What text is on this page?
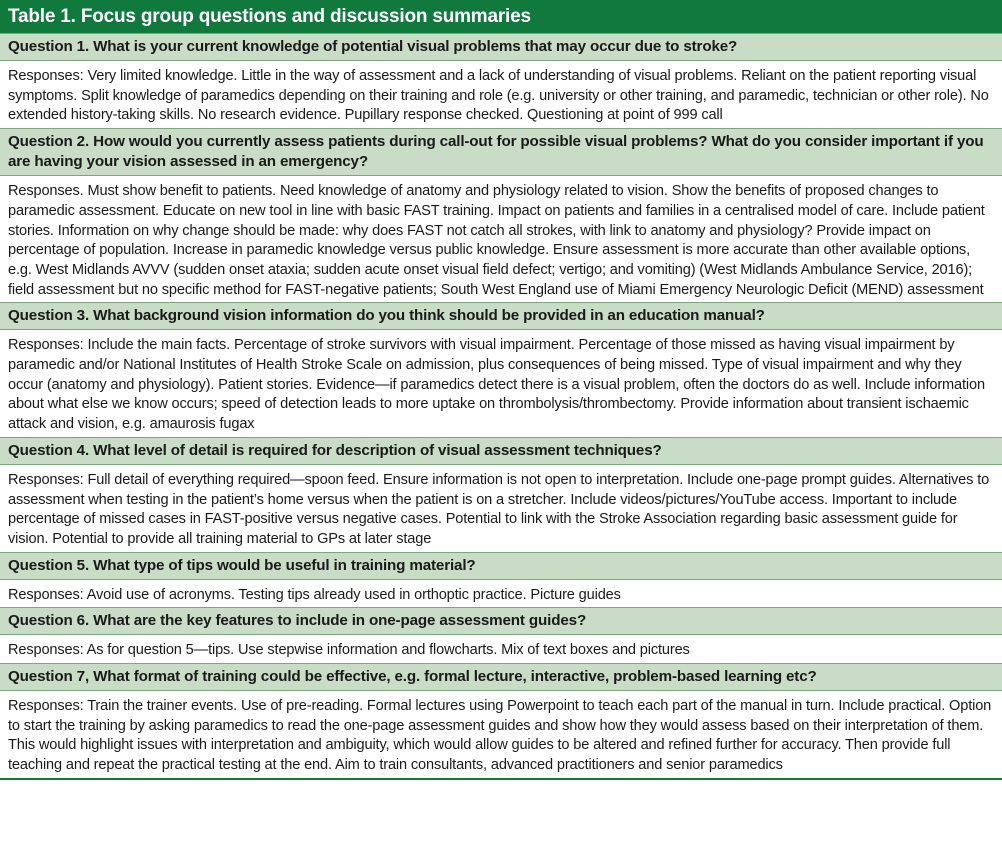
Table 1. Focus group questions and discussion summaries
Question 1. What is your current knowledge of potential visual problems that may occur due to stroke?
Responses: Very limited knowledge. Little in the way of assessment and a lack of understanding of visual problems. Reliant on the patient reporting visual symptoms. Split knowledge of paramedics depending on their training and role (e.g. university or other training, and paramedic, technician or other role). No extended history-taking skills. No research evidence. Pupillary response checked. Questioning at point of 999 call
Question 2. How would you currently assess patients during call-out for possible visual problems? What do you consider important if you are having your vision assessed in an emergency?
Responses. Must show benefit to patients. Need knowledge of anatomy and physiology related to vision. Show the benefits of proposed changes to paramedic assessment. Educate on new tool in line with basic FAST training. Impact on patients and families in a centralised model of care. Include patient stories. Information on why change should be made: why does FAST not catch all strokes, with link to anatomy and physiology? Provide impact on percentage of population. Increase in paramedic knowledge versus public knowledge. Ensure assessment is more accurate than other available options, e.g. West Midlands AVVV (sudden onset ataxia; sudden acute onset visual field defect; vertigo; and vomiting) (West Midlands Ambulance Service, 2016); field assessment but no specific method for FAST-negative patients; South West England use of Miami Emergency Neurologic Deficit (MEND) assessment
Question 3. What background vision information do you think should be provided in an education manual?
Responses: Include the main facts. Percentage of stroke survivors with visual impairment. Percentage of those missed as having visual impairment by paramedic and/or National Institutes of Health Stroke Scale on admission, plus consequences of being missed. Type of visual impairment and why they occur (anatomy and physiology). Patient stories. Evidence—if paramedics detect there is a visual problem, often the doctors do as well. Include information about what else we know occurs; speed of detection leads to more uptake on thrombolysis/thrombectomy. Provide information about transient ischaemic attack and vision, e.g. amaurosis fugax
Question 4. What level of detail is required for description of visual assessment techniques?
Responses: Full detail of everything required—spoon feed. Ensure information is not open to interpretation. Include one-page prompt guides. Alternatives to assessment when testing in the patient’s home versus when the patient is on a stretcher. Include videos/pictures/YouTube access. Important to include percentage of missed cases in FAST-positive versus negative cases. Potential to link with the Stroke Association regarding basic assessment guide for vision. Potential to provide all training material to GPs at later stage
Question 5. What type of tips would be useful in training material?
Responses: Avoid use of acronyms. Testing tips already used in orthoptic practice. Picture guides
Question 6. What are the key features to include in one-page assessment guides?
Responses: As for question 5—tips. Use stepwise information and flowcharts. Mix of text boxes and pictures
Question 7, What format of training could be effective, e.g. formal lecture, interactive, problem-based learning etc?
Responses: Train the trainer events. Use of pre-reading. Formal lectures using Powerpoint to teach each part of the manual in turn. Include practical. Option to start the training by asking paramedics to read the one-page assessment guides and show how they would assess based on their interpretation of them. This would highlight issues with interpretation and ambiguity, which would allow guides to be altered and refined further for accuracy. Then provide full teaching and repeat the practical testing at the end. Aim to train consultants, advanced practitioners and senior paramedics
